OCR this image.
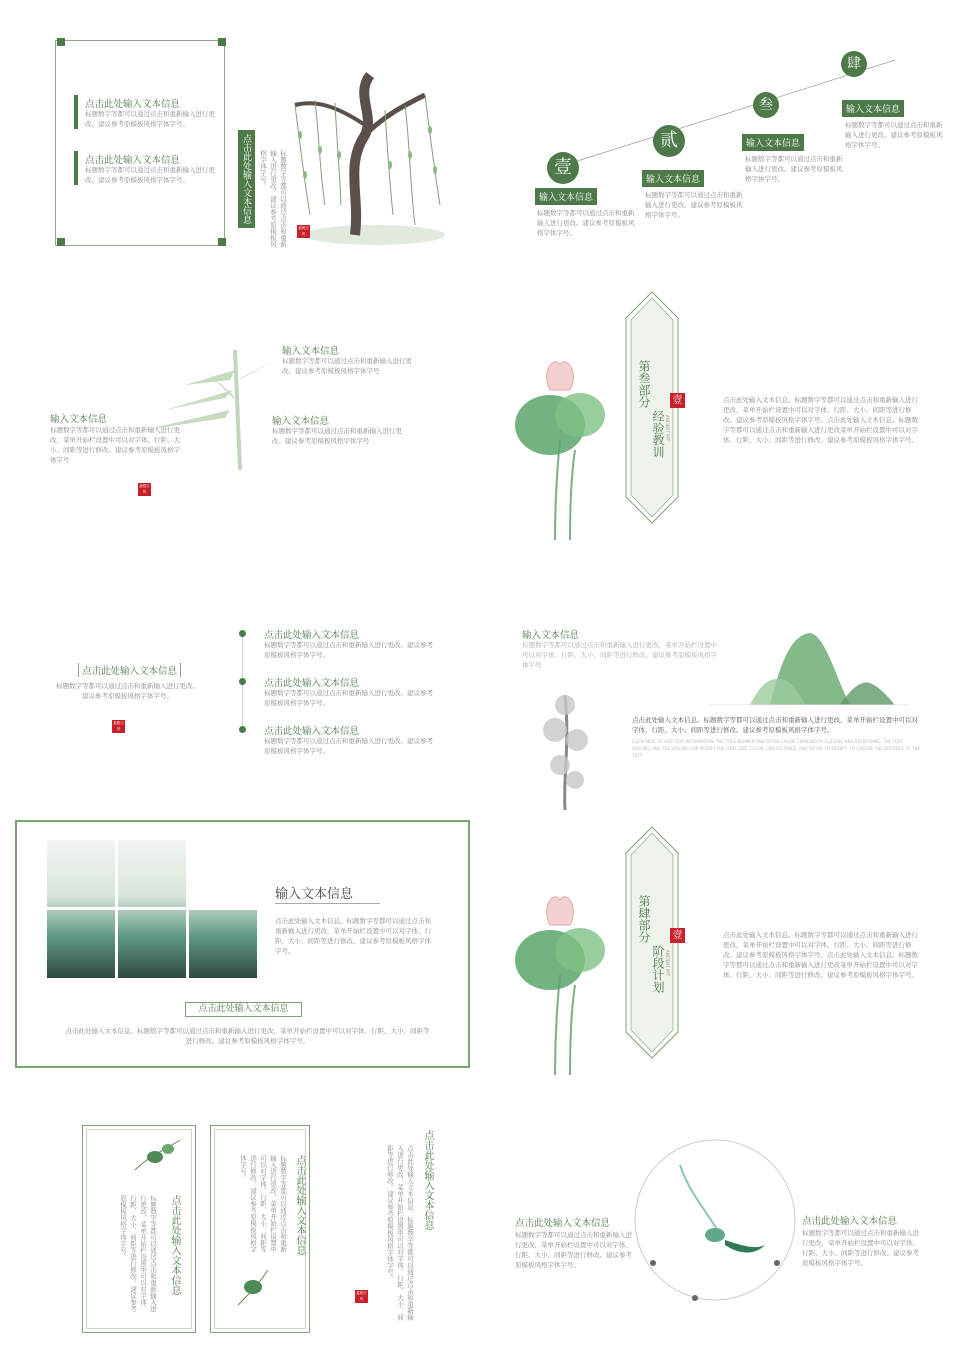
点击此处输入文本信息
标题数字等都可以通过点击和重新输入进行更改。建议参考原模板风格字体字号。
点击此处输入文本信息
标题数字等都可以通过点击和重新输入进行更改。建议参考原模板风格字体字号。	点击此处输入文本信息	标题数字等都可以通过点击和重新输入进行更改。建议参考原模板风格字体字号。
素雅古风
壹
输入文本信息
标题数字等都可以通过点击和重新输入进行更改。建议参考原模板风格字体字号。
贰
输入文本信息
标题数字等都可以通过点击和重新输入进行更改。建议参考原模板风格字体字号。
叁
输入文本信息
标题数字等都可以通过点击和重新输入进行更改。建议参考原模板风格字体字号。
肆
输入文本信息
标题数字等都可以通过点击和重新输入进行更改。建议参考原模板风格字体字号。
输入文本信息
标题数字等都可以通过点击和重新输入进行更改。建议参考原模板风格字体字号
输入文本信息
标题数字等都可以通过点击和重新输入进行更改，菜单开始栏设置中可以对字体、行距、大小、间距等进行修改。建议参考原模板风格字体字号
输入文本信息
标题数字等都可以通过点击和重新输入进行更改。建议参考原模板风格字体字号
素雅古风
第叁部分
经验教训
壹
ANCIENT PPT
点击此处输入文本信息。标题数字等都可以通过点击和重新输入进行更改，菜单开始栏设置中可以对字体、行距、大小、间距等进行修改。建议参考原模板风格字体字号。点击此处输入文本信息。标题数字等都可以通过点击和重新输入进行更改菜单开始栏设置中可以对字体、行距、大小、间距等进行修改。建议参考原模板风格字体字号。
点击此处输入文本信息
标题数字等都可以通过点击和重新输入进行更改。建议参考原模板风格字体字号。
素雅古风
点击此处输入文本信息
标题数字等都可以通过点击和重新输入进行更改。建议参考原模板风格字体字号。
点击此处输入文本信息
标题数字等都可以通过点击和重新输入进行更改。建议参考原模板风格字体字号。
点击此处输入文本信息
标题数字等都可以通过点击和重新输入进行更改。建议参考原模板风格字体字号。
输入文本信息
标题数字等都可以通过点击和重新输入进行更改，菜单开始栏设置中可以对字体、行距、大小、间距等进行修改。建议参考原模板风格字体字号
点击此处输入文本信息。标题数字等都可以通过点击和重新输入进行更改，菜单开始栏设置中可以对字体、行距、大小、间距等进行修改。建议参考原模板风格字体字号。
CLICK HERE TO ADD TEXT INFORMATION. THE TITLE NUMBER AND SO ON CAN BE CHANGED BY CLICKING AND REENTERING. THE FONT SPACING, AND THE SPACING CAN MODIFY THE FONT SIZE, COLOR, LINE DISTANCE, AND SO ON. TO MODIFY, TO CHOOSE THE DISTANCE OF THE TEXT.
输入文本信息
点击此处输入文本信息。标题数字等都可以通过点击和重新输入进行更改，菜单开始栏设置中可以对字体、行距、大小、间距等进行修改。建议参考原模板风格字体字号。
点击此处输入文本信息
点击此处输入文本信息。标题数字等都可以通过点击和重新输入进行更改，菜单开始栏设置中可以对字体、行距、大小、间距等进行修改。建议参考原模板风格字体字号。
第肆部分
阶段计划
壹
ANCIENT PPT
点击此处输入文本信息。标题数字等都可以通过点击和重新输入进行更改，菜单开始栏设置中可以对字体、行距、大小、间距等进行修改。建议参考原模板风格字体字号。点击此处输入文本信息。标题数字等都可以通过点击和重新输入进行更改菜单开始栏设置中可以对字体、行距、大小、间距等进行修改。建议参考原模板风格字体字号。
点击此处输入文本信息
标题数字等都可以通过点击和重新输入进行更改，菜单开始栏设置中可以对字体、行距、大小、间距等进行修改。建议参考原模板风格字体字号。	点击此处输入文本信息
标题数字等都可以通过点击和重新输入进行更改，菜单开始栏设置中可以对字体、行距、大小、间距等进行修改。建议参考原模板风格字体字号。	点击此处输入文本信息
点击此处输入文本信息。标题数字等都可以通过点击和重新输入进行更改，菜单开始栏设置中可以对字体、行距、大小、间距等进行修改。建议参考原模板风格字体字号。
素雅古风
点击此处输入文本信息
标题数字等都可以通过点击和重新输入进行更改，菜单开始栏设置中可以对字体、行距、大小、间距等进行修改。建议参考原模板风格字体字号。
点击此处输入文本信息
标题数字等都可以通过点击和重新输入进行更改，菜单开始栏设置中可以对字体、行距、大小、间距等进行修改。建议参考原模板风格字体字号。
